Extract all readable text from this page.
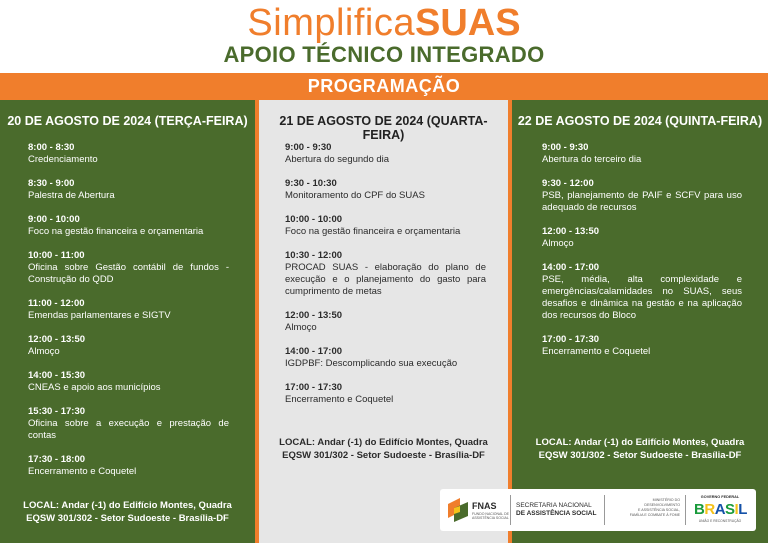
SimplificaSUAS
APOIO TÉCNICO INTEGRADO
PROGRAMAÇÃO
20 DE AGOSTO DE 2024 (TERÇA-FEIRA)
8:00 - 8:30
Credenciamento
8:30 - 9:00
Palestra de Abertura
9:00 - 10:00
Foco na gestão financeira e orçamentaria
10:00 - 11:00
Oficina sobre Gestão contábil de fundos - Construção do QDD
11:00 - 12:00
Emendas parlamentares e SIGTV
12:00 - 13:50
Almoço
14:00 - 15:30
CNEAS e apoio aos municípios
15:30 - 17:30
Oficina sobre a execução e prestação de contas
17:30 - 18:00
Encerramento e Coquetel
LOCAL: Andar (-1) do Edifício Montes, Quadra
EQSW 301/302 - Setor Sudoeste - Brasília-DF
21 DE AGOSTO DE 2024 (QUARTA-FEIRA)
9:00 - 9:30
Abertura do segundo dia
9:30 - 10:30
Monitoramento do CPF do SUAS
10:00 - 10:00
Foco na gestão financeira e orçamentaria
10:30 - 12:00
PROCAD SUAS - elaboração do plano de execução e o planejamento do gasto para cumprimento de metas
12:00 - 13:50
Almoço
14:00 - 17:00
IGDPBF: Descomplicando sua execução
17:00 - 17:30
Encerramento e Coquetel
LOCAL: Andar (-1) do Edifício Montes, Quadra
EQSW 301/302 - Setor Sudoeste - Brasília-DF
22 DE AGOSTO DE 2024 (QUINTA-FEIRA)
9:00 - 9:30
Abertura do terceiro dia
9:30 - 12:00
PSB, planejamento de PAIF e SCFV para uso adequado de recursos
12:00 - 13:50
Almoço
14:00 - 17:00
PSE, média, alta complexidade e emergências/calamidades no SUAS, seus desafios e dinâmica na gestão e na aplicação dos recursos do Bloco
17:00 - 17:30
Encerramento e Coquetel
LOCAL: Andar (-1) do Edifício Montes, Quadra
EQSW 301/302 - Setor Sudoeste - Brasília-DF
FNAS
FUNDO NACIONAL DE ASSISTÊNCIA SOCIAL
SECRETARIA NACIONAL
DE ASSISTÊNCIA SOCIAL
MINISTÉRIO DO
DESENVOLVIMENTO
E ASSISTÊNCIA SOCIAL,
FAMÍLIA E COMBATE À FOME
GOVERNO FEDERAL
BRASIL
UNIÃO E RECONSTRUÇÃO
